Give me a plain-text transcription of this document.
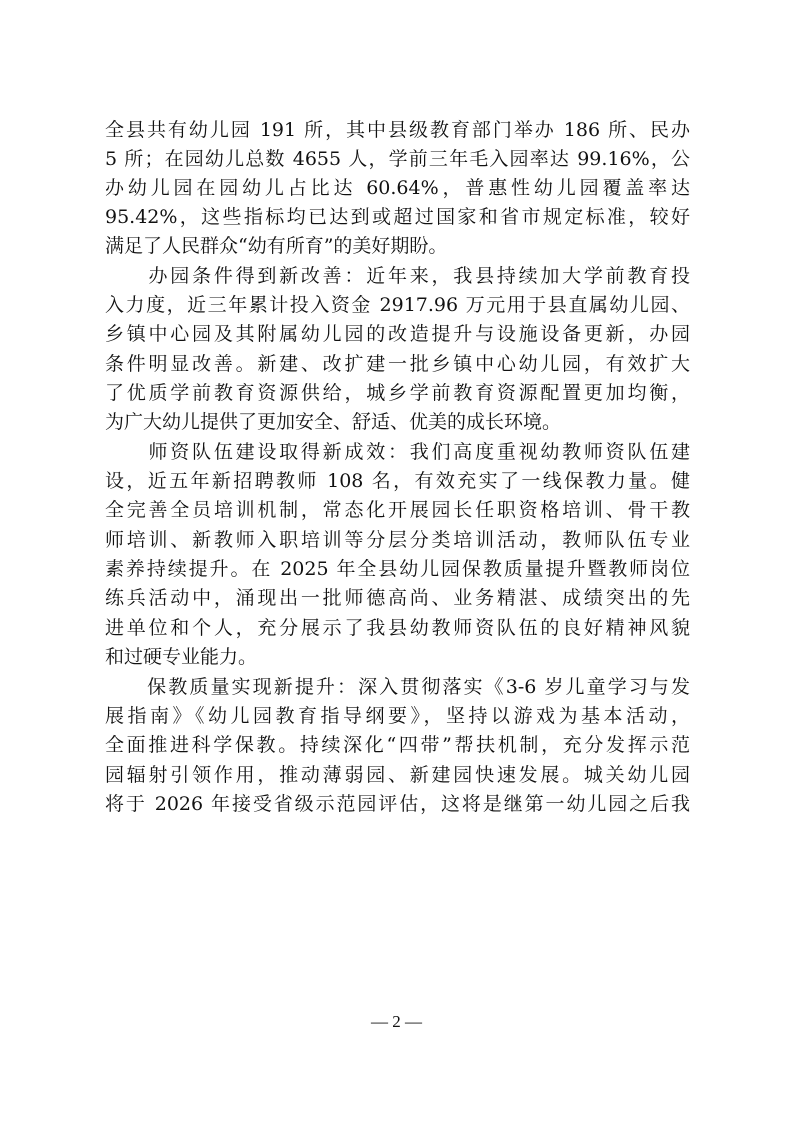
全县共有幼儿园 191 所，其中县级教育部门举办 186 所、民办
5 所；在园幼儿总数 4655 人，学前三年毛入园率达 99.16%，公
办幼儿园在园幼儿占比达 60.64%，普惠性幼儿园覆盖率达
95.42%，这些指标均已达到或超过国家和省市规定标准，较好
满足了人民群众“幼有所育”的美好期盼。
　　办园条件得到新改善：近年来，我县持续加大学前教育投
入力度，近三年累计投入资金 2917.96 万元用于县直属幼儿园、
乡镇中心园及其附属幼儿园的改造提升与设施设备更新，办园
条件明显改善。新建、改扩建一批乡镇中心幼儿园，有效扩大
了优质学前教育资源供给，城乡学前教育资源配置更加均衡，
为广大幼儿提供了更加安全、舒适、优美的成长环境。
　　师资队伍建设取得新成效：我们高度重视幼教师资队伍建
设，近五年新招聘教师 108 名，有效充实了一线保教力量。健
全完善全员培训机制，常态化开展园长任职资格培训、骨干教
师培训、新教师入职培训等分层分类培训活动，教师队伍专业
素养持续提升。在 2025 年全县幼儿园保教质量提升暨教师岗位
练兵活动中，涌现出一批师德高尚、业务精湛、成绩突出的先
进单位和个人，充分展示了我县幼教师资队伍的良好精神风貌
和过硬专业能力。
　　保教质量实现新提升：深入贯彻落实《3-6 岁儿童学习与发
展指南》《幼儿园教育指导纲要》，坚持以游戏为基本活动，
全面推进科学保教。持续深化“四带”帮扶机制，充分发挥示范
园辐射引领作用，推动薄弱园、新建园快速发展。城关幼儿园
将于 2026 年接受省级示范园评估，这将是继第一幼儿园之后我
— 2 —
